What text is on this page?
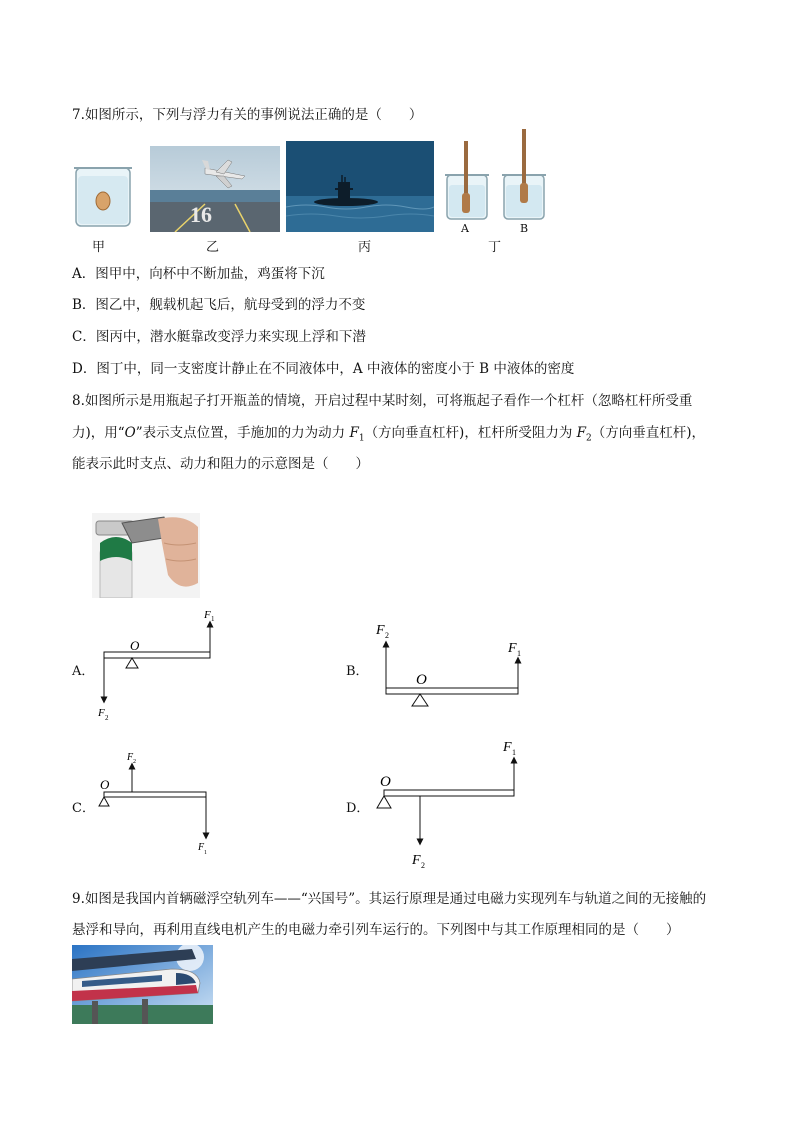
7.如图所示，下列与浮力有关的事例说法正确的是（　　）
甲
16
乙	丙
A	B
丁
A．图甲中，向杯中不断加盐，鸡蛋将下沉
B．图乙中，舰载机起飞后，航母受到的浮力不变
C．图丙中，潜水艇靠改变浮力来实现上浮和下潜
D．图丁中，同一支密度计静止在不同液体中，A 中液体的密度小于 B 中液体的密度
8.如图所示是用瓶起子打开瓶盖的情境，开启过程中某时刻，可将瓶起子看作一个杠杆（忽略杠杆所受重
力)，用“O”表示支点位置，手施加的力为动力 $F_1$（方向垂直杠杆)，杠杆所受阻力为 $F_2$（方向垂直杠杆)，
能表示此时支点、动力和阻力的示意图是（　　）
A．
O
F 1
F 2
B．
O
F 2
F 1
C．
O
F 2
F 1
D．
O
F 1
F 2
9.如图是我国内首辆磁浮空轨列车——“兴国号”。其运行原理是通过电磁力实现列车与轨道之间的无接触的
悬浮和导向，再利用直线电机产生的电磁力牵引列车运行的。下列图中与其工作原理相同的是（　　）
